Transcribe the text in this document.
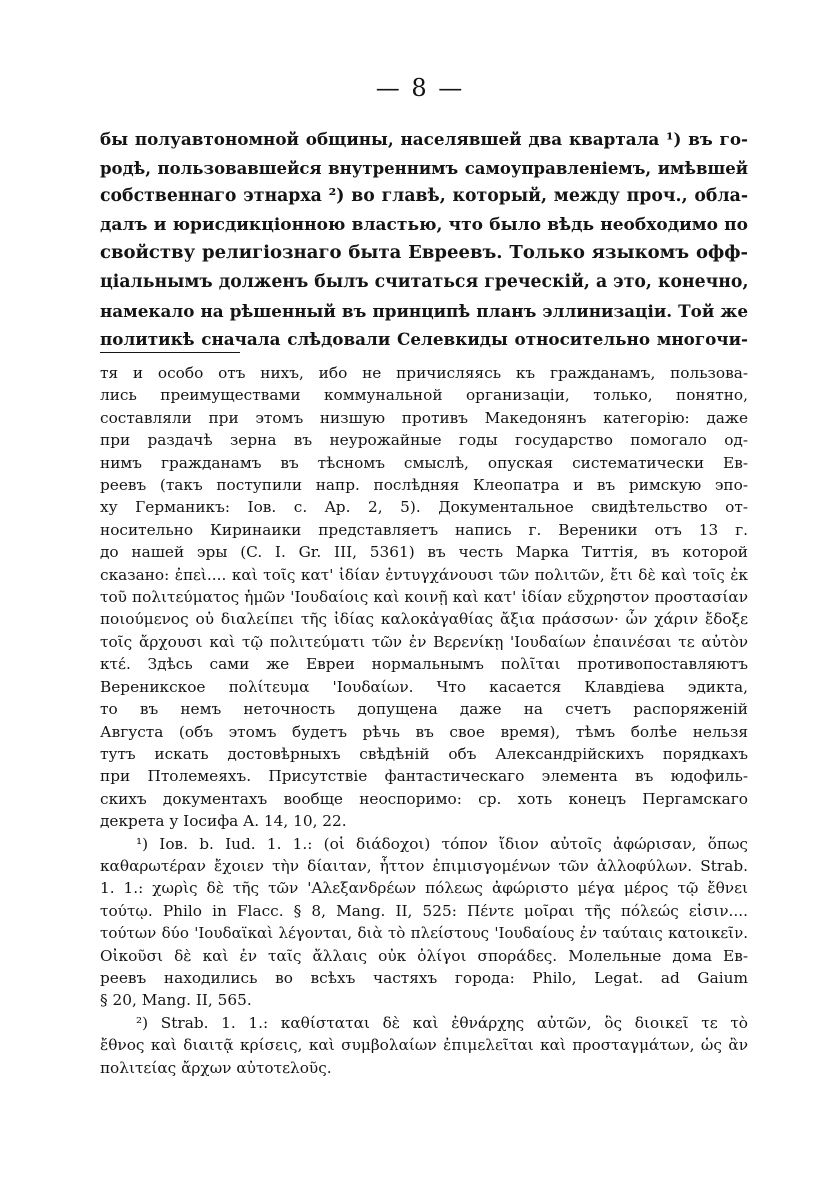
— 8 —
бы полуавтономной общины, населявшей два квартала ¹) въ го-
родѣ, пользовавшейся внутреннимъ самоуправленіемъ, имѣвшей
собственнаго этнарха ²) во главѣ, который, между проч., обла-
далъ и юрисдикціонною властью, что было вѣдь необходимо по
свойству религіознаго быта Евреевъ. Только языкомъ офф-
ціальнымъ долженъ былъ считаться греческій, а это, конечно,
намекало на рѣшенный въ принципѣ планъ эллинизаціи. Той же
политикѣ сначала слѣдовали Селевкиды относительно многочи-
тя и особо отъ нихъ, ибо не причисляясь къ гражданамъ, пользова-
лись преимуществами коммунальной организаціи, только, понятно,
составляли при этомъ низшую противъ Македонянъ категорію: даже
при раздачѣ зерна въ неурожайные годы государство помогало од-
нимъ гражданамъ въ тѣсномъ смыслѣ, опуская систематически Ев-
реевъ (такъ поступили напр. послѣдняя Клеопатра и въ римскую эпо-
ху Германикъ: Іов. c. Ap. 2, 5). Документальное свидѣтельство от-
носительно Киринаики представляетъ напись г. Вереники отъ 13 г.
до нашей эры (C. I. Gr. III, 5361) въ честь Марка Титтія, въ которой
сказано: ἐπεὶ.... καὶ τοῖς κατ' ἰδίαν ἐντυγχάνουσι τῶν πολιτῶν, ἔτι δὲ καὶ τοῖς ἐκ
τοῦ πολιτεύματος ἡμῶν 'Ιουδαίοις καὶ κοινῇ καὶ κατ' ἰδίαν εὔχρηστον προστασίαν
ποιούμενος οὐ διαλείπει τῆς ἰδίας καλοκἀγαθίας ἄξια πράσσων· ὧν χάριν ἔδοξε
τοῖς ἄρχουσι καὶ τῷ πολιτεύματι τῶν ἐν Βερενίκῃ 'Ιουδαίων ἐπαινέσαι τε αὐτὸν
κτέ. Здѣсь сами же Евреи нормальнымъ πολῖται противопоставляютъ
Вереникское πολίτευμα 'Ιουδαίων. Что касается Клавдіева эдикта,
то въ немъ неточность допущена даже на счетъ распоряженій
Августа (объ этомъ будетъ рѣчь въ свое время), тѣмъ болѣе нельзя
тутъ искать достовѣрныхъ свѣдѣній объ Александрійскихъ порядкахъ
при Птолемеяхъ. Присутствіе фантастическаго элемента въ юдофиль-
скихъ документахъ вообще неоспоримо: ср. хоть конецъ Пергамскаго
декрета у Іосифа A. 14, 10, 22.
¹) Іов. b. Iud. 1. 1.: (οἱ διάδοχοι) τόπον ἴδιον αὐτοῖς ἀφώρισαν, ὅπως
καθαρωτέραν ἔχοιεν τὴν δίαιταν, ἧττον ἐπιμισγομένων τῶν ἀλλοφύλων. Strab.
1. 1.: χωρὶς δὲ τῆς τῶν 'Αλεξανδρέων πόλεως ἀφώριστο μέγα μέρος τῷ ἔθνει
τούτῳ. Philo in Flacc. § 8, Mang. II, 525: Πέντε μοῖραι τῆς πόλεώς εἰσιν....
τούτων δύο 'Ιουδαϊκαὶ λέγονται, διὰ τὸ πλείστους 'Ιουδαίους ἐν ταύταις κατοικεῖν.
Οἰκοῦσι δὲ καὶ ἐν ταῖς ἄλλαις οὐκ ὀλίγοι σποράδες. Молельные дома Ев-
реевъ находились во всѣхъ частяхъ города: Philo, Legat. ad Gaium
§ 20, Mang. II, 565.
²) Strab. 1. 1.: καθίσταται δὲ καὶ ἐθνάρχης αὐτῶν, ὃς διοικεῖ τε τὸ
ἔθνος καὶ διαιτᾷ κρίσεις, καὶ συμβολαίων ἐπιμελεῖται καὶ προσταγμάτων, ὡς ἂν
πολιτείας ἄρχων αὐτοτελοῦς.
